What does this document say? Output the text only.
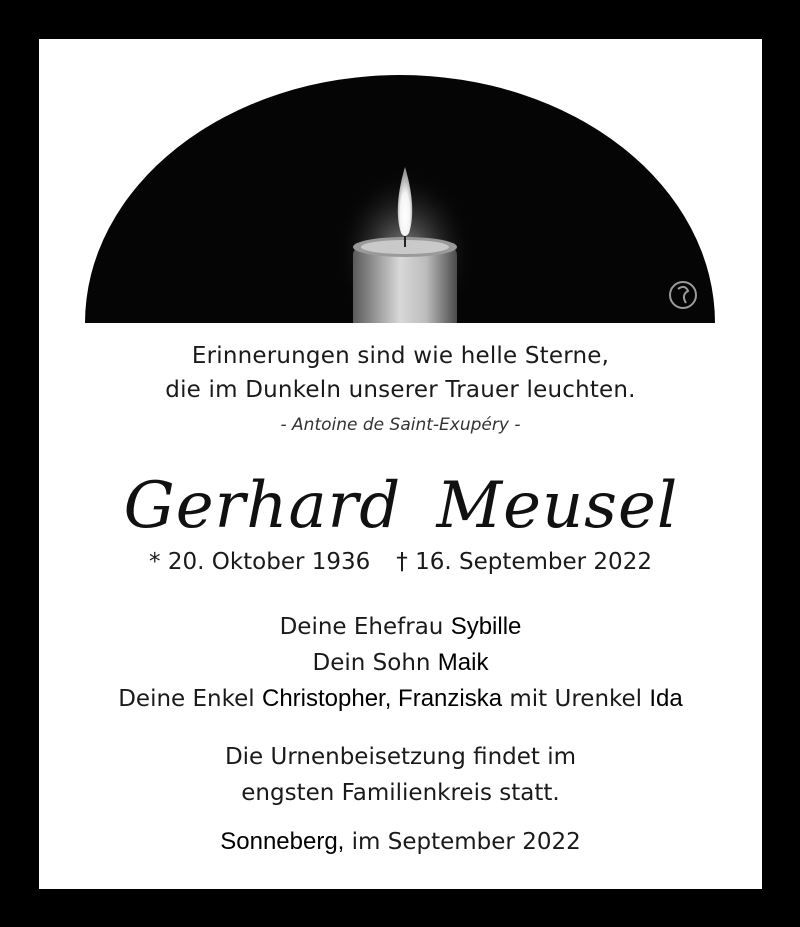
Erinnerungen sind wie helle Sterne,
die im Dunkeln unserer Trauer leuchten.
- Antoine de Saint-Exupéry -
Gerhard Meusel
* 20. Oktober 1936 † 16. September 2022
Deine Ehefrau Sybille
Dein Sohn Maik
Deine Enkel Christopher, Franziska mit Urenkel Ida
Die Urnenbeisetzung findet im
engsten Familienkreis statt.
Sonneberg, im September 2022
